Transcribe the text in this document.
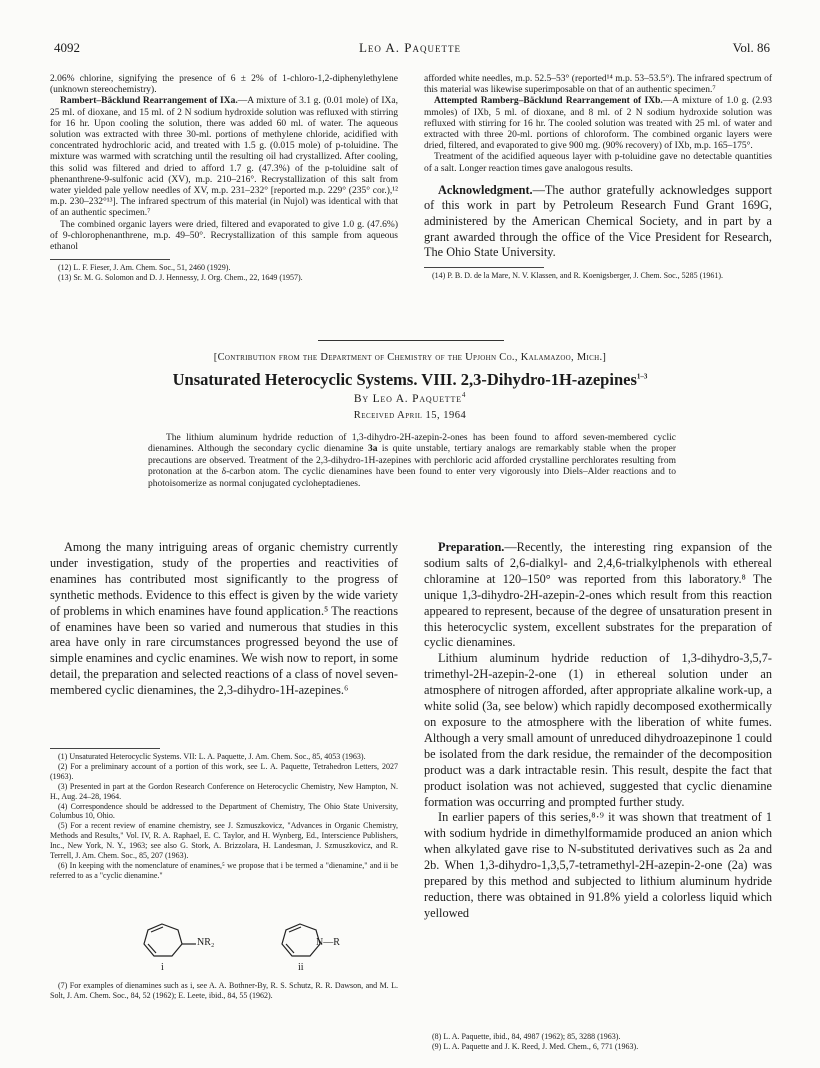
4092	Leo A. Paquette	Vol. 86

2.06% chlorine, signifying the presence of 6 ± 2% of 1-chloro-1,2-diphenylethylene (unknown stereochemistry).

Rambert–Bäcklund Rearrangement of IXa.—A mixture of 3.1 g. (0.01 mole) of IXa, 25 ml. of dioxane, and 15 ml. of 2 N sodium hydroxide solution was refluxed with stirring for 16 hr. Upon cooling the solution, there was added 60 ml. of water. The aqueous solution was extracted with three 30-ml. portions of methylene chloride, acidified with concentrated hydrochloric acid, and treated with 1.5 g. (0.015 mole) of p-toluidine. The mixture was warmed with scratching until the resulting oil had crystallized. After cooling, this solid was filtered and dried to afford 1.7 g. (47.3%) of the p-toluidine salt of phenanthrene-9-sulfonic acid (XV), m.p. 210–216°. Recrystallization of this salt from water yielded pale yellow needles of XV, m.p. 231–232° [reported m.p. 229° (235° cor.),¹² m.p. 230–232°¹³]. The infrared spectrum of this material (in Nujol) was identical with that of an authentic specimen.⁷

The combined organic layers were dried, filtered and evaporated to give 1.0 g. (47.6%) of 9-chlorophenanthrene, m.p. 49–50°. Recrystallization of this sample from aqueous ethanol

(12) L. F. Fieser, J. Am. Chem. Soc., 51, 2460 (1929).

(13) Sr. M. G. Solomon and D. J. Hennessy, J. Org. Chem., 22, 1649 (1957).

afforded white needles, m.p. 52.5–53° (reported¹⁴ m.p. 53–53.5°). The infrared spectrum of this material was likewise superimposable on that of an authentic specimen.⁷

Attempted Ramberg–Bäcklund Rearrangement of IXb.—A mixture of 1.0 g. (2.93 mmoles) of IXb, 5 ml. of dioxane, and 8 ml. of 2 N sodium hydroxide solution was refluxed with stirring for 16 hr. The cooled solution was treated with 25 ml. of water and extracted with three 20-ml. portions of chloroform. The combined organic layers were dried, filtered, and evaporated to give 900 mg. (90% recovery) of IXb, m.p. 165–175°.

Treatment of the acidified aqueous layer with p-toluidine gave no detectable quantities of a salt. Longer reaction times gave analogous results.

Acknowledgment.—The author gratefully acknowledges support of this work in part by Petroleum Research Fund Grant 169G, administered by the American Chemical Society, and in part by a grant awarded through the office of the Vice President for Research, The Ohio State University.

(14) P. B. D. de la Mare, N. V. Klassen, and R. Koenigsberger, J. Chem. Soc., 5285 (1961).

[Contribution from the Department of Chemistry of the Upjohn Co., Kalamazoo, Mich.]
Unsaturated Heterocyclic Systems. VIII. 2,3-Dihydro-1H-azepines$^{1-3}$
By Leo A. Paquette$^4$
Received April 15, 1964
The lithium aluminum hydride reduction of 1,3-dihydro-2H-azepin-2-ones has been found to afford seven-membered cyclic dienamines. Although the secondary cyclic dienamine 3a is quite unstable, tertiary analogs are remarkably stable when the proper precautions are observed. Treatment of the 2,3-dihydro-1H-azepines with perchloric acid afforded crystalline perchlorates resulting from protonation at the δ-carbon atom. The cyclic dienamines have been found to enter very vigorously into Diels–Alder reactions and to photoisomerize as normal conjugated cycloheptadienes.

Among the many intriguing areas of organic chemistry currently under investigation, study of the properties and reactivities of enamines has contributed most significantly to the progress of synthetic methods. Evidence to this effect is given by the wide variety of problems in which enamines have found application.⁵ The reactions of enamines have been so varied and numerous that studies in this area have only in rare circumstances progressed beyond the use of simple enamines and cyclic enamines. We wish now to report, in some detail, the preparation and selected reactions of a class of novel seven-membered cyclic dienamines, the 2,3-dihydro-1H-azepines.⁶

(1) Unsaturated Heterocyclic Systems. VII: L. A. Paquette, J. Am. Chem. Soc., 85, 4053 (1963).

(2) For a preliminary account of a portion of this work, see L. A. Paquette, Tetrahedron Letters, 2027 (1963).

(3) Presented in part at the Gordon Research Conference on Heterocyclic Chemistry, New Hampton, N. H., Aug. 24–28, 1964.

(4) Correspondence should be addressed to the Department of Chemistry, The Ohio State University, Columbus 10, Ohio.

(5) For a recent review of enamine chemistry, see J. Szmuszkovicz, "Advances in Organic Chemistry, Methods and Results," Vol. IV, R. A. Raphael, E. C. Taylor, and H. Wynberg, Ed., Interscience Publishers, Inc., New York, N. Y., 1963; see also G. Stork, A. Brizzolara, H. Landesman, J. Szmuszkovicz, and R. Terrell, J. Am. Chem. Soc., 85, 207 (1963).

(6) In keeping with the nomenclature of enamines,⁵ we propose that i be termed a "dienamine," and ii be referred to as a "cyclic dienamine."

NR₂
i
N—R
ii

(7) For examples of dienamines such as i, see A. A. Bothner-By, R. S. Schutz, R. R. Dawson, and M. L. Solt, J. Am. Chem. Soc., 84, 52 (1962); E. Leete, ibid., 84, 55 (1962).

Preparation.—Recently, the interesting ring expansion of the sodium salts of 2,6-dialkyl- and 2,4,6-trialkylphenols with ethereal chloramine at 120–150° was reported from this laboratory.⁸ The unique 1,3-dihydro-2H-azepin-2-ones which result from this reaction appeared to represent, because of the degree of unsaturation present in this heterocyclic system, excellent substrates for the preparation of cyclic dienamines.

Lithium aluminum hydride reduction of 1,3-dihydro-3,5,7-trimethyl-2H-azepin-2-one (1) in ethereal solution under an atmosphere of nitrogen afforded, after appropriate alkaline work-up, a white solid (3a, see below) which rapidly decomposed exothermically on exposure to the atmosphere with the liberation of white fumes. Although a very small amount of unreduced dihydroazepinone 1 could be isolated from the dark residue, the remainder of the decomposition product was a dark intractable resin. This result, despite the fact that product isolation was not achieved, suggested that cyclic dienamine formation was occurring and prompted further study.

In earlier papers of this series,⁸·⁹ it was shown that treatment of 1 with sodium hydride in dimethylformamide produced an anion which when alkylated gave rise to N-substituted derivatives such as 2a and 2b. When 1,3-dihydro-1,3,5,7-tetramethyl-2H-azepin-2-one (2a) was prepared by this method and subjected to lithium aluminum hydride reduction, there was obtained in 91.8% yield a colorless liquid which yellowed

(8) L. A. Paquette, ibid., 84, 4987 (1962); 85, 3288 (1963).

(9) L. A. Paquette and J. K. Reed, J. Med. Chem., 6, 771 (1963).
